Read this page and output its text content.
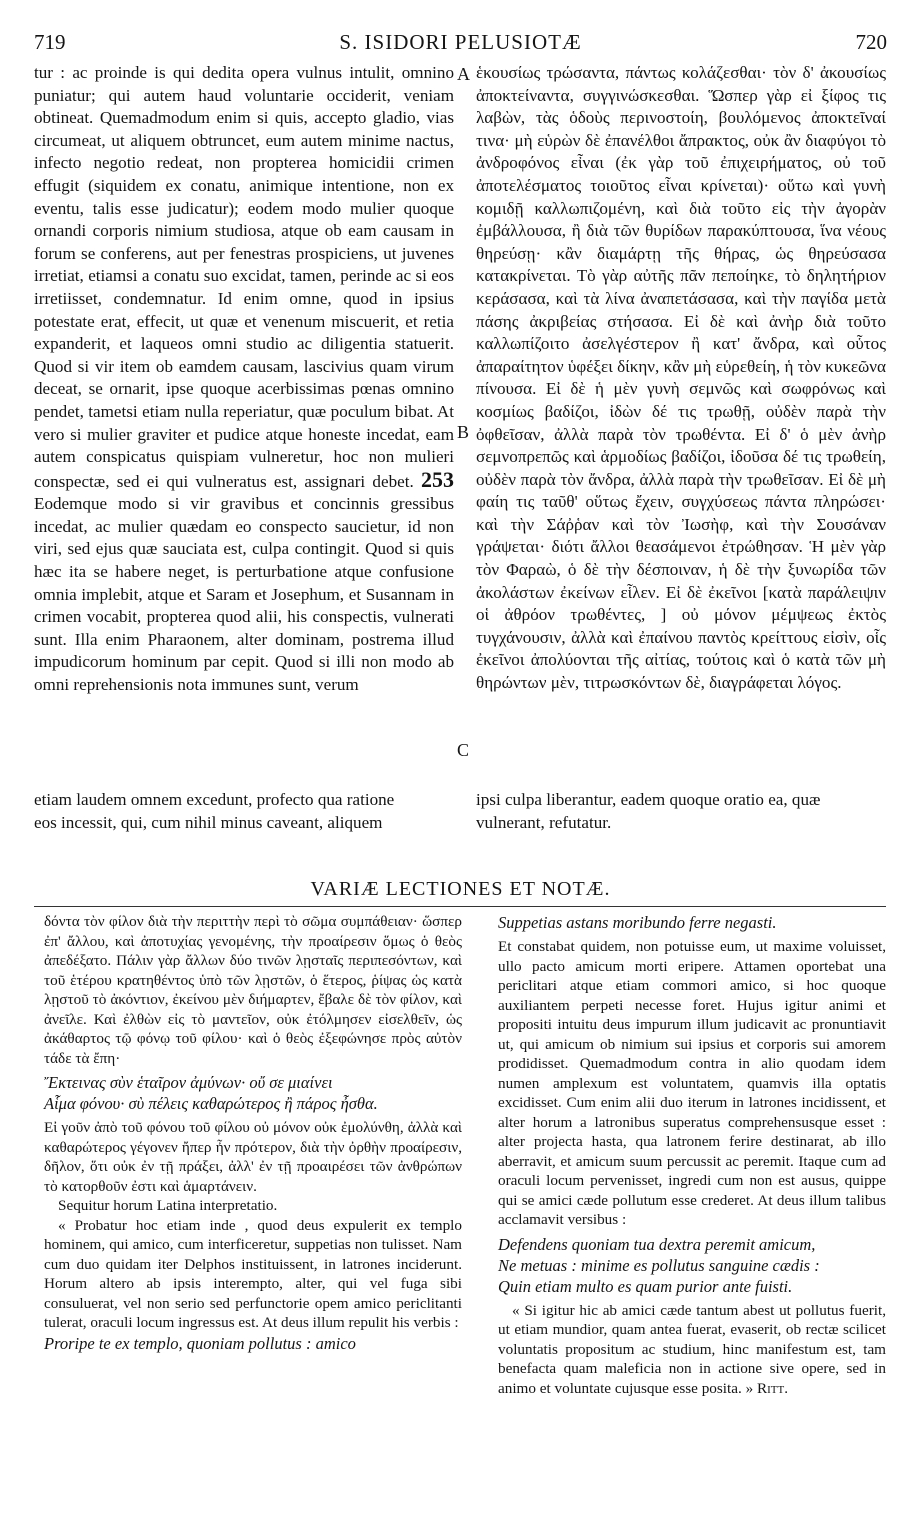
719	S. ISIDORI PELUSIOTÆ	720
tur : ac proinde is qui dedita opera vulnus intulit, omnino puniatur; qui autem haud voluntarie occiderit, veniam obtineat. Quemadmodum enim si quis, accepto gladio, vias circumeat, ut aliquem obtruncet, eum autem minime nactus, infecto negotio redeat, non propterea homicidii crimen effugit (siquidem ex conatu, animique intentione, non ex eventu, talis esse judicatur); eodem modo mulier quoque ornandi corporis nimium studiosa, atque ob eam causam in forum se conferens, aut per fenestras prospiciens, ut juvenes irretiat, etiamsi a conatu suo excidat, tamen, perinde ac si eos irretiisset, condemnatur. Id enim omne, quod in ipsius potestate erat, effecit, ut quæ et venenum miscuerit, et retia expanderit, et laqueos omni studio ac diligentia statuerit. Quod si vir item ob eamdem causam, lascivius quam virum deceat, se ornarit, ipse quoque acerbissimas pœnas omnino pendet, tametsi etiam nulla reperiatur, quæ poculum bibat. At vero si mulier graviter et pudice atque honeste incedat, eam autem conspicatus quispiam vulneretur, hoc non mulieri conspectæ, sed ei qui vulneratus est, assignari debet. 253 Eodemque modo si vir gravibus et concinnis gressibus incedat, ac mulier quædam eo conspecto saucietur, id non viri, sed ejus quæ sauciata est, culpa contingit. Quod si quis hæc ita se habere neget, is perturbatione atque confusione omnia implebit, atque et Saram et Josephum, et Susannam in crimen vocabit, propterea quod alii, his conspectis, vulnerati sunt. Illa enim Pharaonem, alter dominam, postrema illud impudicorum hominum par cepit. Quod si illi non modo ab omni reprehensionis nota immunes sunt, verum
A
B
C
ἑκουσίως τρώσαντα, πάντως κολάζεσθαι· τὸν δ' ἀκουσίως ἀποκτείναντα, συγγινώσκεσθαι. Ὥσπερ γὰρ εἰ ξίφος τις λαβὼν, τὰς ὁδοὺς περινοστοίη, βουλόμενος ἀποκτεῖναί τινα· μὴ εὑρὼν δὲ ἐπανέλθοι ἄπρακτος, οὐκ ἂν διαφύγοι τὸ ἀνδροφόνος εἶναι (ἐκ γὰρ τοῦ ἐπιχειρήματος, οὐ τοῦ ἀποτελέσματος τοιοῦτος εἶναι κρίνεται)· οὕτω καὶ γυνὴ κομιδῇ καλλωπιζομένη, καὶ διὰ τοῦτο εἰς τὴν ἀγορὰν ἐμβάλλουσα, ἢ διὰ τῶν θυρίδων παρακύπτουσα, ἵνα νέους θηρεύσῃ· κἂν διαμάρτῃ τῆς θήρας, ὡς θηρεύσασα κατακρίνεται. Τὸ γὰρ αὐτῆς πᾶν πεποίηκε, τὸ δηλητήριον κεράσασα, καὶ τὰ λίνα ἀναπετάσασα, καὶ τὴν παγίδα μετὰ πάσης ἀκριβείας στήσασα. Εἰ δὲ καὶ ἀνὴρ διὰ τοῦτο καλλωπίζοιτο ἀσελγέστερον ἢ κατ' ἄνδρα, καὶ οὗτος ἀπαραίτητον ὑφέξει δίκην, κἂν μὴ εὑρεθείη, ἡ τὸν κυκεῶνα πίνουσα. Εἰ δὲ ἡ μὲν γυνὴ σεμνῶς καὶ σωφρόνως καὶ κοσμίως βαδίζοι, ἰδὼν δέ τις τρωθῇ, οὐδὲν παρὰ τὴν ὀφθεῖσαν, ἀλλὰ παρὰ τὸν τρωθέντα. Εἰ δ' ὁ μὲν ἀνὴρ σεμνοπρεπῶς καὶ ἁρμοδίως βαδίζοι, ἰδοῦσα δέ τις τρωθείη, οὐδὲν παρὰ τὸν ἄνδρα, ἀλλὰ παρὰ τὴν τρωθεῖσαν. Εἰ δὲ μὴ φαίη τις ταῦθ' οὕτως ἔχειν, συγχύσεως πάντα πληρώσει· καὶ τὴν Σάῤῥαν καὶ τὸν Ἰωσὴφ, καὶ τὴν Σουσάναν γράψεται· διότι ἄλλοι θεασάμενοι ἐτρώθησαν. Ἡ μὲν γὰρ τὸν Φαραὼ, ὁ δὲ τὴν δέσποιναν, ἡ δὲ τὴν ξυνωρίδα τῶν ἀκολάστων ἐκείνων εἷλεν. Εἰ δὲ ἐκεῖνοι [κατὰ παράλειψιν οἱ ἀθρόον τρωθέντες, ] οὐ μόνον μέμψεως ἐκτὸς τυγχάνουσιν, ἀλλὰ καὶ ἐπαίνου παντὸς κρείττους εἰσὶν, οἷς ἐκεῖνοι ἀπολύονται τῆς αἰτίας, τούτοις καὶ ὁ κατὰ τῶν μὴ θηρώντων μὲν, τιτρωσκόντων δὲ, διαγράφεται λόγος.
etiam laudem omnem excedunt, profecto qua ratione	ipsi culpa liberantur, eadem quoque oratio ea, quæ
eos incessit, qui, cum nihil minus caveant, aliquem	vulnerant, refutatur.
VARIÆ LECTIONES ET NOTÆ.

δόντα τὸν φίλον διὰ τὴν περιττὴν περὶ τὸ σῶμα συμπάθειαν· ὥσπερ ἐπ' ἄλλου, καὶ ἀποτυχίας γενομένης, τὴν προαίρεσιν ὅμως ὁ θεὸς ἀπεδέξατο. Πάλιν γὰρ ἄλλων δύο τινῶν λῃσταῖς περιπεσόντων, καὶ τοῦ ἑτέρου κρατηθέντος ὑπὸ τῶν λῃστῶν, ὁ ἕτερος, ῥίψας ὡς κατὰ λῃστοῦ τὸ ἀκόντιον, ἐκείνου μὲν διήμαρτεν, ἔβαλε δὲ τὸν φίλον, καὶ ἀνεῖλε. Καὶ ἐλθὼν εἰς τὸ μαντεῖον, οὐκ ἐτόλμησεν εἰσελθεῖν, ὡς ἀκάθαρτος τῷ φόνῳ τοῦ φίλου· καὶ ὁ θεὸς ἐξεφώνησε πρὸς αὐτὸν τάδε τὰ ἔπη·

Ἔκτεινας σὺν ἑταῖρον ἀμύνων· οὔ σε μιαίνει

Αἷμα φόνου· σὺ πέλεις καθαρώτερος ἢ πάρος ἦσθα.

Εἰ γοῦν ἀπὸ τοῦ φόνου τοῦ φίλου οὐ μόνον οὐκ ἐμολύνθη, ἀλλὰ καὶ καθαρώτερος γέγονεν ἤπερ ἦν πρότερον, διὰ τὴν ὀρθὴν προαίρεσιν, δῆλον, ὅτι οὐκ ἐν τῇ πράξει, ἀλλ' ἐν τῇ προαιρέσει τῶν ἀνθρώπων τὸ κατορθοῦν ἐστι καὶ ἁμαρτάνειν.

Sequitur horum Latina interpretatio.

« Probatur hoc etiam inde , quod deus expulerit ex templo hominem, qui amico, cum interficeretur, suppetias non tulisset. Nam cum duo quidam iter Delphos instituissent, in latrones inciderunt. Horum altero ab ipsis interempto, alter, qui vel fuga sibi consuluerat, vel non serio sed perfunctorie opem amico periclitanti tulerat, oraculi locum ingressus est. At deus illum repulit his verbis :

Proripe te ex templo, quoniam pollutus : amico

Suppetias astans moribundo ferre negasti.

Et constabat quidem, non potuisse eum, ut maxime voluisset, ullo pacto amicum morti eripere. Attamen oportebat una periclitari atque etiam commori amico, si hoc quoque auxiliantem perpeti necesse foret. Hujus igitur animi et propositi intuitu deus impurum illum judicavit ac pronuntiavit ut, qui amicum ob nimium sui ipsius et corporis sui amorem prodidisset. Quemadmodum contra in alio quodam idem numen amplexum est voluntatem, quamvis illa optatis excidisset. Cum enim alii duo iterum in latrones incidissent, et alter horum a latronibus superatus comprehensusque esset : alter projecta hasta, qua latronem ferire destinarat, ab illo aberravit, et amicum suum percussit ac peremit. Itaque cum ad oraculi locum pervenisset, ingredi cum non est ausus, quippe qui se amici cæde pollutum esse crederet. At deus illum talibus acclamavit versibus :

Defendens quoniam tua dextra peremit amicum,

Ne metuas : minime es pollutus sanguine cædis :

Quin etiam multo es quam purior ante fuisti.

« Si igitur hic ab amici cæde tantum abest ut pollutus fuerit, ut etiam mundior, quam antea fuerat, evaserit, ob rectæ scilicet voluntatis propositum ac studium, hinc manifestum est, tam benefacta quam maleficia non in actione sive opere, sed in animo et voluntate cujusque esse posita. » Ritt.
